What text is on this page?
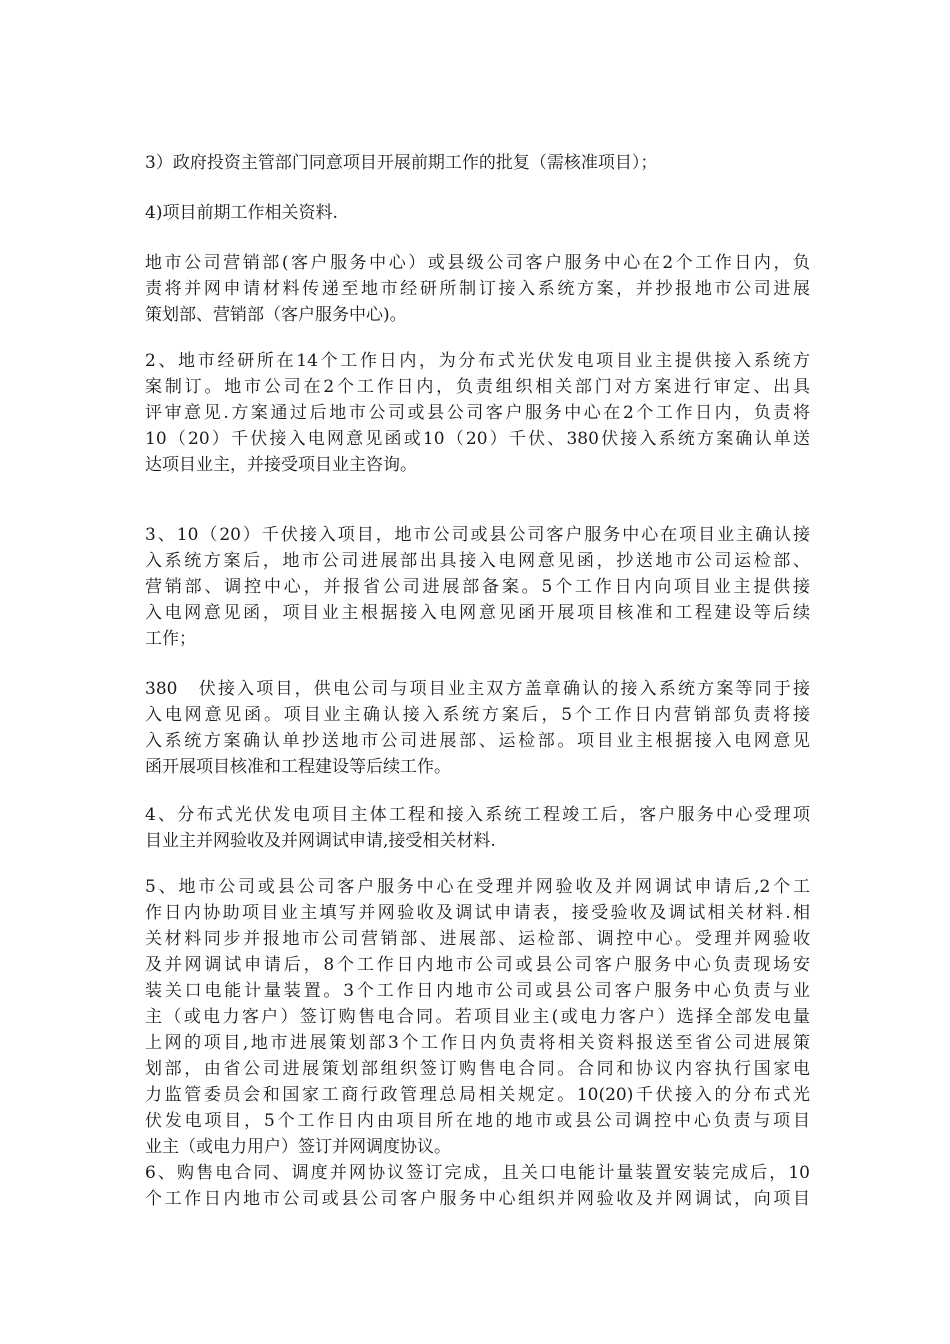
3）政府投资主管部门同意项目开展前期工作的批复（需核准项目）；
4)项目前期工作相关资料.
地市公司营销部(客户服务中心）或县级公司客户服务中心在2个工作日内，负
责将并网申请材料传递至地市经研所制订接入系统方案，并抄报地市公司进展
策划部、营销部（客户服务中心)。
2、地市经研所在14个工作日内，为分布式光伏发电项目业主提供接入系统方
案制订。地市公司在2个工作日内，负责组织相关部门对方案进行审定、出具
评审意见.方案通过后地市公司或县公司客户服务中心在2个工作日内，负责将
10（20）千伏接入电网意见函或10（20）千伏、380伏接入系统方案确认单送
达项目业主，并接受项目业主咨询。
3、10（20）千伏接入项目，地市公司或县公司客户服务中心在项目业主确认接
入系统方案后，地市公司进展部出具接入电网意见函，抄送地市公司运检部、
营销部、调控中心，并报省公司进展部备案。5个工作日内向项目业主提供接
入电网意见函，项目业主根据接入电网意见函开展项目核准和工程建设等后续
工作；
380　伏接入项目，供电公司与项目业主双方盖章确认的接入系统方案等同于接
入电网意见函。项目业主确认接入系统方案后，5个工作日内营销部负责将接
入系统方案确认单抄送地市公司进展部、运检部。项目业主根据接入电网意见
函开展项目核准和工程建设等后续工作。
4、分布式光伏发电项目主体工程和接入系统工程竣工后，客户服务中心受理项
目业主并网验收及并网调试申请,接受相关材料.
5、地市公司或县公司客户服务中心在受理并网验收及并网调试申请后,2个工
作日内协助项目业主填写并网验收及调试申请表，接受验收及调试相关材料.相
关材料同步并报地市公司营销部、进展部、运检部、调控中心。受理并网验收
及并网调试申请后，8个工作日内地市公司或县公司客户服务中心负责现场安
装关口电能计量装置。3个工作日内地市公司或县公司客户服务中心负责与业
主（或电力客户）签订购售电合同。若项目业主(或电力客户）选择全部发电量
上网的项目,地市进展策划部3个工作日内负责将相关资料报送至省公司进展策
划部，由省公司进展策划部组织签订购售电合同。合同和协议内容执行国家电
力监管委员会和国家工商行政管理总局相关规定。10(20)千伏接入的分布式光
伏发电项目，5个工作日内由项目所在地的地市或县公司调控中心负责与项目
业主（或电力用户）签订并网调度协议。
6、购售电合同、调度并网协议签订完成，且关口电能计量装置安装完成后，10
个工作日内地市公司或县公司客户服务中心组织并网验收及并网调试，向项目
